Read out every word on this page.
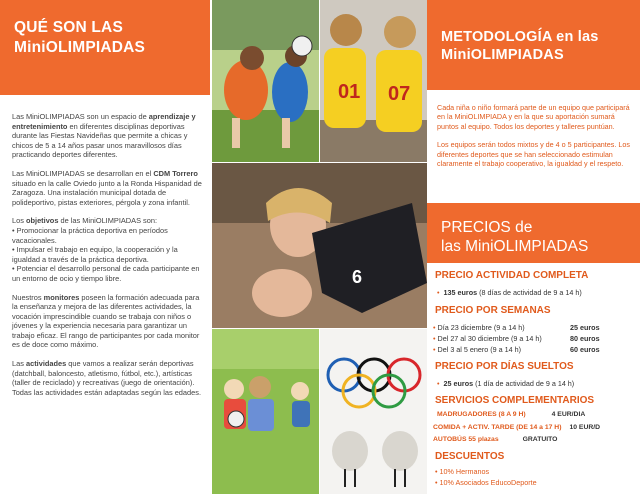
QUÉ SON LAS
MiniOLIMPIADAS

Las MiniOLIMPIADAS son un espacio de aprendizaje y entretenimiento en diferentes disciplinas deportivas durante las Fiestas Navideñas que permite a chicas y chicos de 5 a 14 años pasar unos maravillosos días practicando deportes diferentes.

Las MiniOLIMPIADAS se desarrollan en el CDM Torrero situado en la calle Oviedo junto a la Ronda Hispanidad de Zaragoza. Una instalación municipal dotada de polideportivo, pistas exteriores, pérgola y zona infantil.

Los objetivos de las MiniOLIMPIADAS son:
• Promocionar la práctica deportiva en períodos vacacionales.
• Impulsar el trabajo en equipo, la cooperación y la igualdad a través de la práctica deportiva.
• Potenciar el desarrollo personal de cada participante en un entorno de ocio y tiempo libre.

Nuestros monitores poseen la formación adecuada para la enseñanza y mejora de las diferentes actividades, la vocación imprescindible cuando se trabaja con niños o jóvenes y la experiencia necesaria para garantizar un trabajo eficaz. El rango de participantes por cada monitor es de doce como máximo.

Las actividades que vamos a realizar serán deportivas (datchball, baloncesto, atletismo, fútbol, etc.), artísticas (taller de reciclado) y recreativas (juego de orientación). Todas las actividades están adaptadas según las edades.

01 07
6
METODOLOGÍA en las
MiniOLIMPIADAS

Cada niña o niño formará parte de un equipo que participará en la MiniOLIMPIADA y en la que su aportación sumará puntos al equipo. Todos los deportes y talleres puntúan.

Los equipos serán todos mixtos y de 4 o 5 participantes. Los diferentes deportes que se han seleccionado estimulan claramente el trabajo cooperativo, la igualdad y el respeto.

PRECIOS de
las MiniOLIMPIADAS
PRECIO ACTIVIDAD COMPLETA
• 135 euros (8 días de actividad de 9 a 14 h)
PRECIO POR SEMANAS
• Día 23 diciembre (9 a 14 h)	25 euros
• Del 27 al 30 diciembre (9 a 14 h)	80 euros
• Del 3 al 5 enero (9 a 14 h)	60 euros
PRECIO POR DÍAS SUELTOS
• 25 euros (1 día de actividad de 9 a 14 h)
SERVICIOS COMPLEMENTARIOS
MADRUGADORES (8 A 9 H)	4 EUR/DIA
COMIDA + ACTIV. TARDE (DE 14 a 17 H) 10 EUR/D
AUTOBÚS 55 plazas	GRATUITO
DESCUENTOS
• 10% Hermanos
• 10% Asociados EducoDeporte
